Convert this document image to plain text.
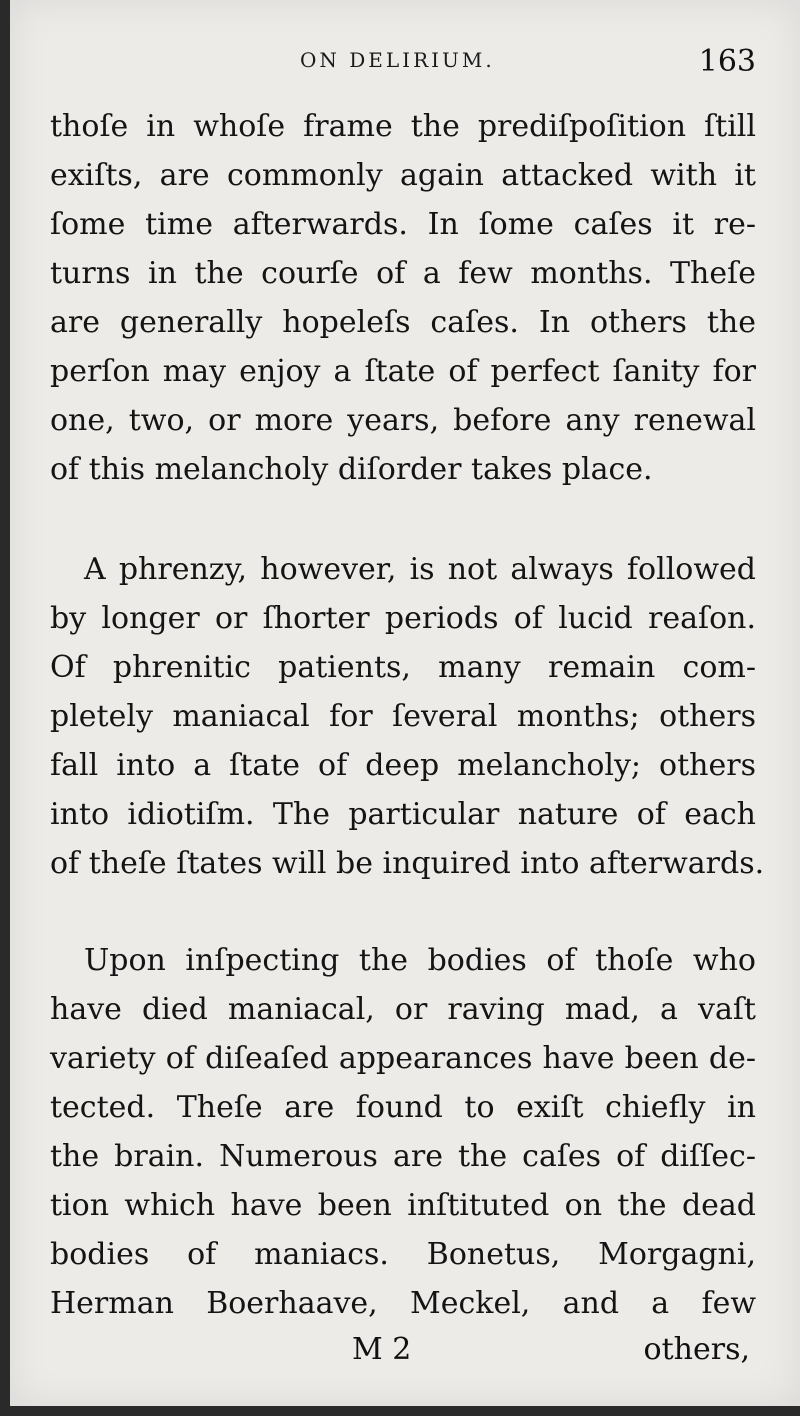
ON DELIRIUM.	163
thoſe in whoſe frame the prediſpoſition ſtill
exiſts, are commonly again attacked with it
ſome time afterwards. In ſome caſes it re-
turns in the courſe of a few months. Theſe
are generally hopeleſs caſes. In others the
perſon may enjoy a ſtate of perfect ſanity for
one, two, or more years, before any renewal
of this melancholy diſorder takes place.
A phrenzy, however, is not always followed
by longer or ſhorter periods of lucid reaſon.
Of phrenitic patients, many remain com-
pletely maniacal for ſeveral months; others
fall into a ſtate of deep melancholy; others
into idiotiſm. The particular nature of each
of theſe ſtates will be inquired into afterwards.
Upon inſpecting the bodies of thoſe who
have died maniacal, or raving mad, a vaſt
variety of diſeaſed appearances have been de-
tected. Theſe are found to exiſt chiefly in
the brain. Numerous are the caſes of diſſec-
tion which have been inſtituted on the dead
bodies of maniacs. Bonetus, Morgagni,
Herman Boerhaave, Meckel, and a few
M 2	others,
